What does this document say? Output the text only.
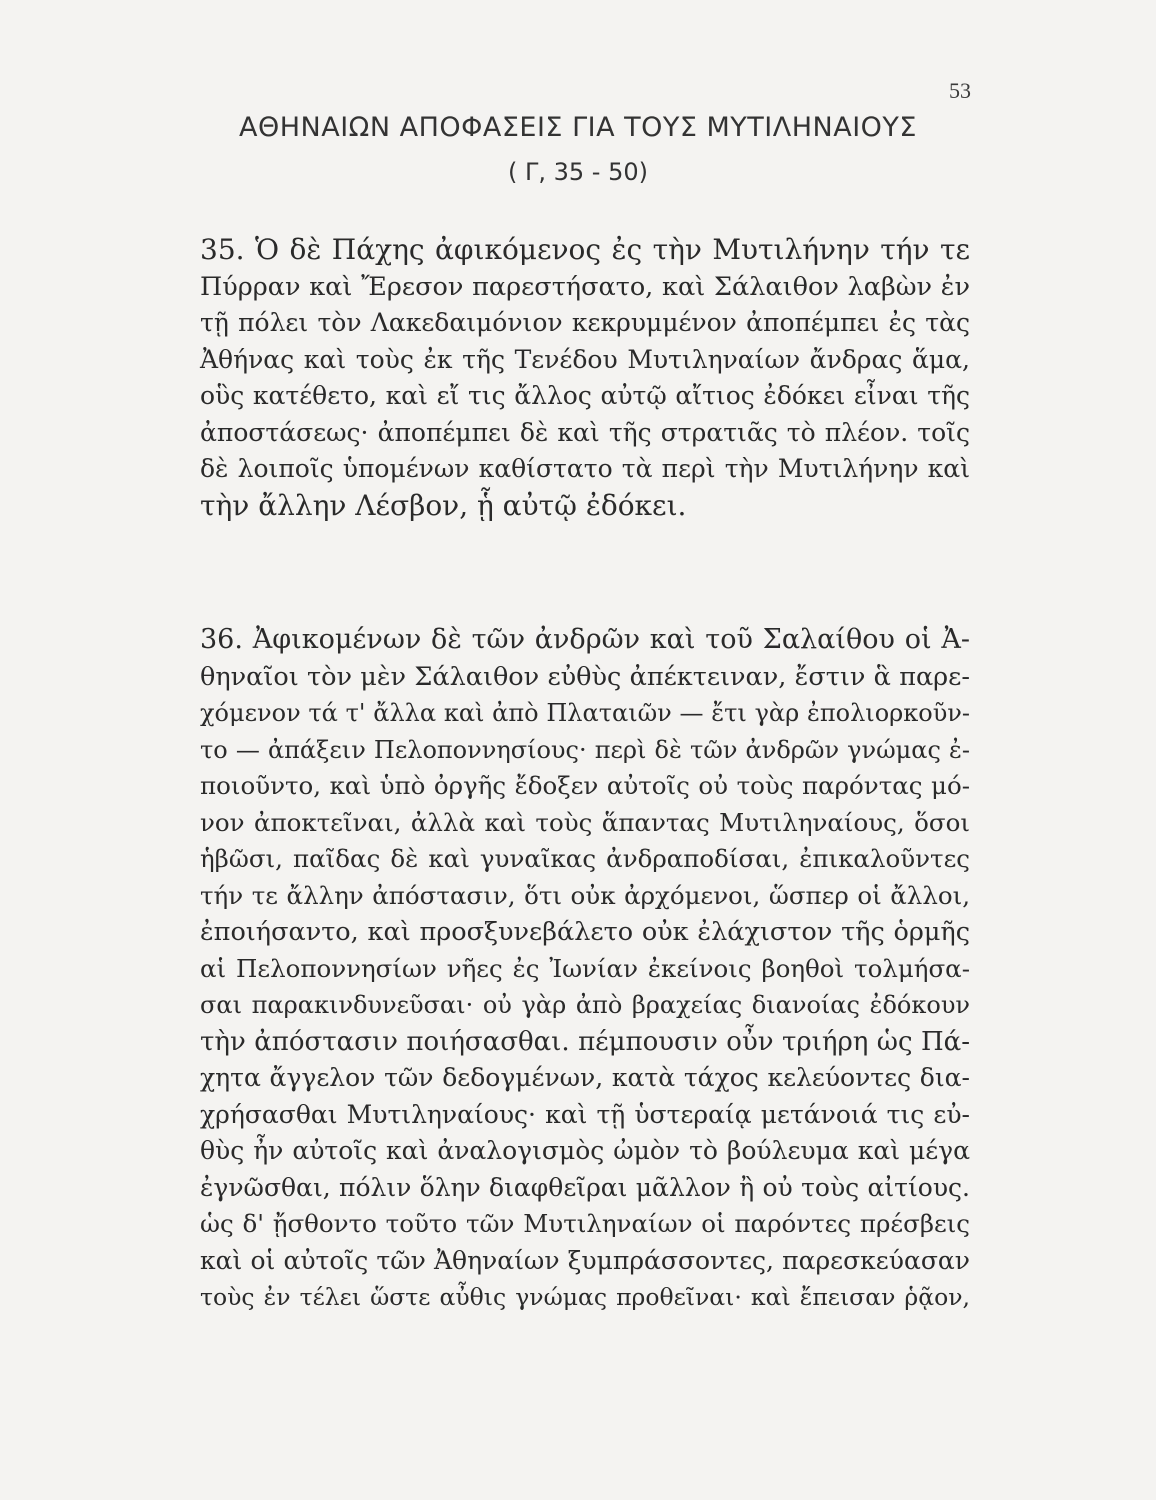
53
ΑΘΗΝΑΙΩΝ ΑΠΟΦΑΣΕΙΣ ΓΙΑ ΤΟΥΣ ΜΥΤΙΛΗΝΑΙΟΥΣ
( Γ, 35 - 50)
35. Ὁ δὲ Πάχης ἀφικόμενος ἐς τὴν Μυτιλήνην τήν τε
Πύρραν καὶ Ἔρεσον παρεστήσατο, καὶ Σάλαιθον λαβὼν ἐν
τῇ πόλει τὸν Λακεδαιμόνιον κεκρυμμένον ἀποπέμπει ἐς τὰς
Ἀθήνας καὶ τοὺς ἐκ τῆς Τενέδου Μυτιληναίων ἄνδρας ἅμα,
οὓς κατέθετο, καὶ εἴ τις ἄλλος αὐτῷ αἴτιος ἐδόκει εἶναι τῆς
ἀποστάσεως· ἀποπέμπει δὲ καὶ τῆς στρατιᾶς τὸ πλέον. τοῖς
δὲ λοιποῖς ὑπομένων καθίστατο τὰ περὶ τὴν Μυτιλήνην καὶ
τὴν ἄλλην Λέσβον, ᾗ αὐτῷ ἐδόκει.
36. Ἀφικομένων δὲ τῶν ἀνδρῶν καὶ τοῦ Σαλαίθου οἱ Ἀ-
θηναῖοι τὸν μὲν Σάλαιθον εὐθὺς ἀπέκτειναν, ἔστιν ἃ παρε-
χόμενον τά τ' ἄλλα καὶ ἀπὸ Πλαταιῶν — ἔτι γὰρ ἐπολιορκοῦν-
το — ἀπάξειν Πελοποννησίους· περὶ δὲ τῶν ἀνδρῶν γνώμας ἐ-
ποιοῦντο, καὶ ὑπὸ ὀργῆς ἔδοξεν αὐτοῖς οὐ τοὺς παρόντας μό-
νον ἀποκτεῖναι, ἀλλὰ καὶ τοὺς ἅπαντας Μυτιληναίους, ὅσοι
ἡβῶσι, παῖδας δὲ καὶ γυναῖκας ἀνδραποδίσαι, ἐπικαλοῦντες
τήν τε ἄλλην ἀπόστασιν, ὅτι οὐκ ἀρχόμενοι, ὥσπερ οἱ ἄλλοι,
ἐποιήσαντο, καὶ προσξυνεβάλετο οὐκ ἐλάχιστον τῆς ὁρμῆς
αἱ Πελοποννησίων νῆες ἐς Ἰωνίαν ἐκείνοις βοηθοὶ τολμήσα-
σαι παρακινδυνεῦσαι· οὐ γὰρ ἀπὸ βραχείας διανοίας ἐδόκουν
τὴν ἀπόστασιν ποιήσασθαι. πέμπουσιν οὖν τριήρη ὡς Πά-
χητα ἄγγελον τῶν δεδογμένων, κατὰ τάχος κελεύοντες δια-
χρήσασθαι Μυτιληναίους· καὶ τῇ ὑστεραίᾳ μετάνοιά τις εὐ-
θὺς ἦν αὐτοῖς καὶ ἀναλογισμὸς ὠμὸν τὸ βούλευμα καὶ μέγα
ἐγνῶσθαι, πόλιν ὅλην διαφθεῖραι μᾶλλον ἢ οὐ τοὺς αἰτίους.
ὡς δ' ᾔσθοντο τοῦτο τῶν Μυτιληναίων οἱ παρόντες πρέσβεις
καὶ οἱ αὐτοῖς τῶν Ἀθηναίων ξυμπράσσοντες, παρεσκεύασαν
τοὺς ἐν τέλει ὥστε αὖθις γνώμας προθεῖναι· καὶ ἔπεισαν ῥᾷον,
